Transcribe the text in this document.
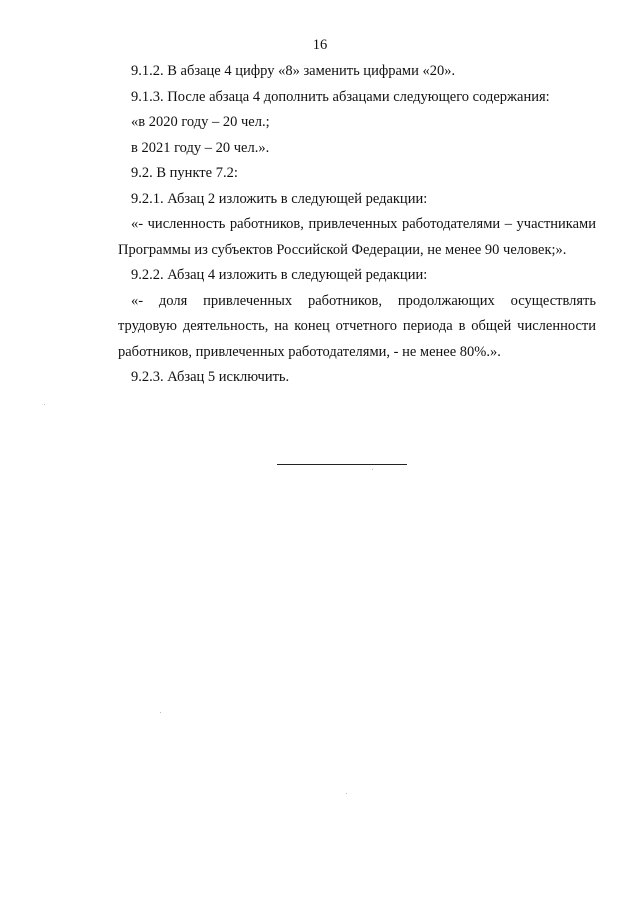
16

9.1.2. В абзаце 4 цифру «8» заменить цифрами «20».

9.1.3. После абзаца 4 дополнить абзацами следующего содержания:

«в 2020 году – 20 чел.;

в 2021 году – 20 чел.».

9.2. В пункте 7.2:

9.2.1. Абзац 2 изложить в следующей редакции:

«- численность работников, привлеченных работодателями – участниками Программы из субъектов Российской Федерации, не менее 90 человек;».

9.2.2. Абзац 4 изложить в следующей редакции:

«- доля привлеченных работников, продолжающих осуществлять трудовую деятельность, на конец отчетного периода в общей численности работников, привлеченных работодателями, - не менее 80%.».

9.2.3. Абзац 5 исключить.
